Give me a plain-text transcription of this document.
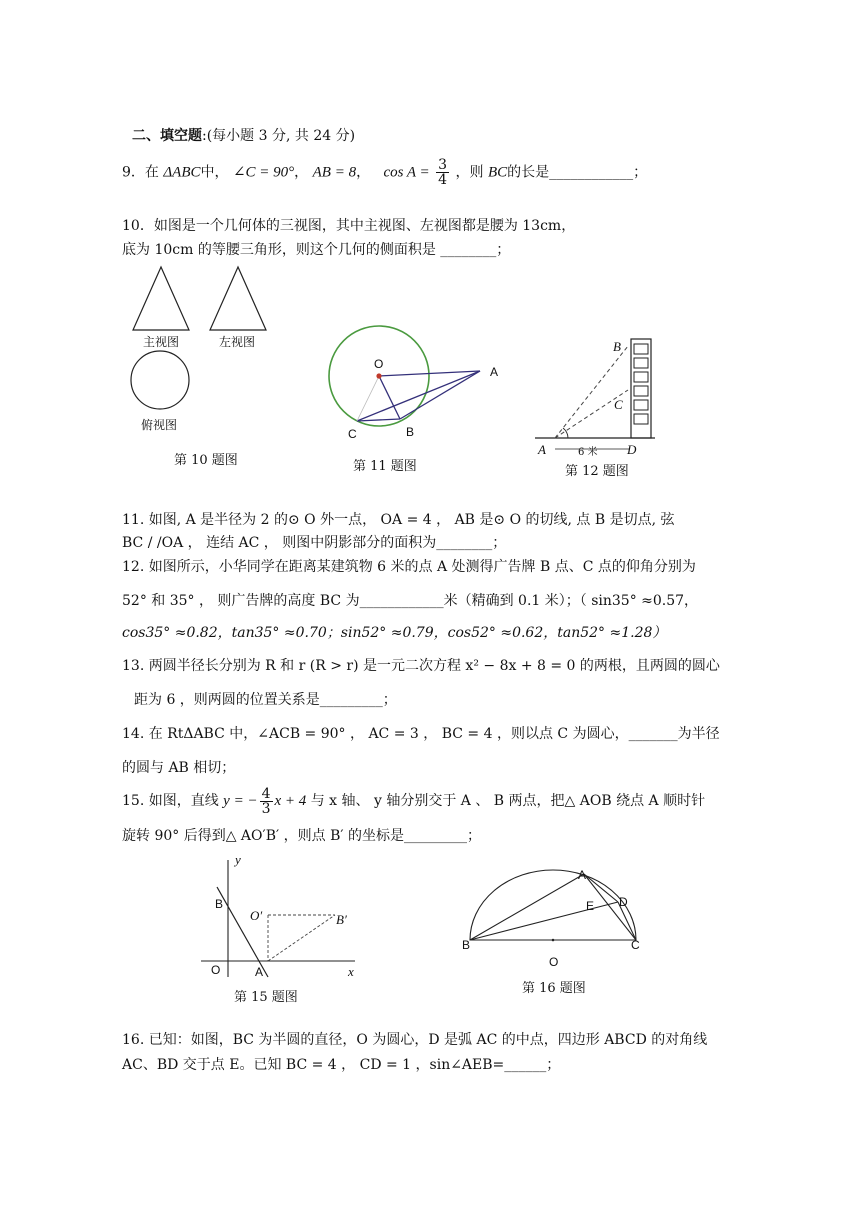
二、填空题:(每小题 3 分, 共 24 分)
9．在 ΔABC中， ∠C = 90°， AB = 8， $\cos A = \frac{3}{4}$ ，则 BC的长是____________；
10．如图是一个几何体的三视图，其中主视图、左视图都是腰为 13cm，
底为 10cm 的等腰三角形，则这个几何的侧面积是 ________；
主视图	左视图
俯视图
第 10 题图
O
A
B
C
第 11 题图
A
B
C
D
6 米
第 12 题图
11. 如图, A 是半径为 2 的⊙ O 外一点， OA = 4 ， AB 是⊙ O 的切线, 点 B 是切点, 弦
BC / /OA ， 连结 AC ， 则图中阴影部分的面积为________；
12. 如图所示，小华同学在距离某建筑物 6 米的点 A 处测得广告牌 B 点、C 点的仰角分别为
52° 和 35° ， 则广告牌的高度 BC 为____________米（精确到 0.1 米）；（ sin35° ≈0.57，
cos35° ≈0.82，tan35° ≈0.70；sin52° ≈0.79，cos52° ≈0.62，tan52° ≈1.28）
13. 两圆半径长分别为 R 和 r (R > r) 是一元二次方程 x² − 8x + 8 = 0 的两根，且两圆的圆心
距为 6 ，则两圆的位置关系是_________；
14. 在 RtΔABC 中，∠ACB = 90° ， AC = 3 ， BC = 4 ，则以点 C 为圆心，_______为半径
的圆与 AB 相切；
15. 如图，直线 y = − $\frac{4}{3}$ x + 4 与 x 轴、 y 轴分别交于 A 、 B 两点，把△ AOB 绕点 A 顺时针
旋转 90° 后得到△ AO′B′ ，则点 B′ 的坐标是_________；
y
x
B
O	A
O′	B′
第 15 题图
A
B	C
D
E
O
第 16 题图
16. 已知：如图，BC 为半圆的直径，O 为圆心，D 是弧 AC 的中点，四边形 ABCD 的对角线
AC、BD 交于点 E。已知 BC = 4 ， CD = 1 ，sin∠AEB=______；
